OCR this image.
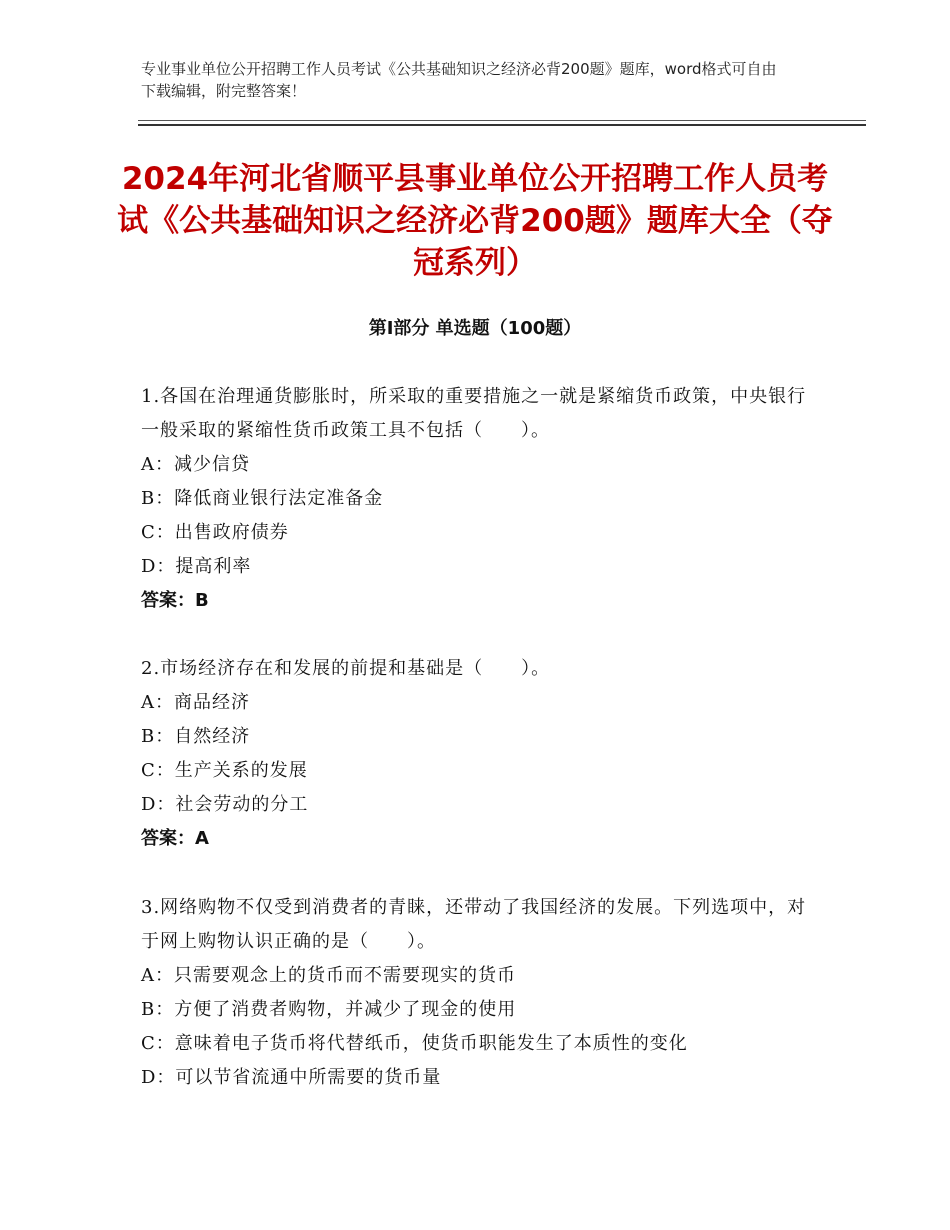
专业事业单位公开招聘工作人员考试《公共基础知识之经济必背200题》题库，word格式可自由下载编辑，附完整答案！
2024年河北省顺平县事业单位公开招聘工作人员考试《公共基础知识之经济必背200题》题库大全（夺冠系列）
第Ⅰ部分 单选题（100题）
1.各国在治理通货膨胀时，所采取的重要措施之一就是紧缩货币政策，中央银行一般采取的紧缩性货币政策工具不包括（　　）。
A：减少信贷
B：降低商业银行法定准备金
C：出售政府债券
D：提高利率
答案：B
2.市场经济存在和发展的前提和基础是（　　）。
A：商品经济
B：自然经济
C：生产关系的发展
D：社会劳动的分工
答案：A
3.网络购物不仅受到消费者的青睐，还带动了我国经济的发展。下列选项中，对于网上购物认识正确的是（　　）。
A：只需要观念上的货币而不需要现实的货币
B：方便了消费者购物，并减少了现金的使用
C：意味着电子货币将代替纸币，使货币职能发生了本质性的变化
D：可以节省流通中所需要的货币量
